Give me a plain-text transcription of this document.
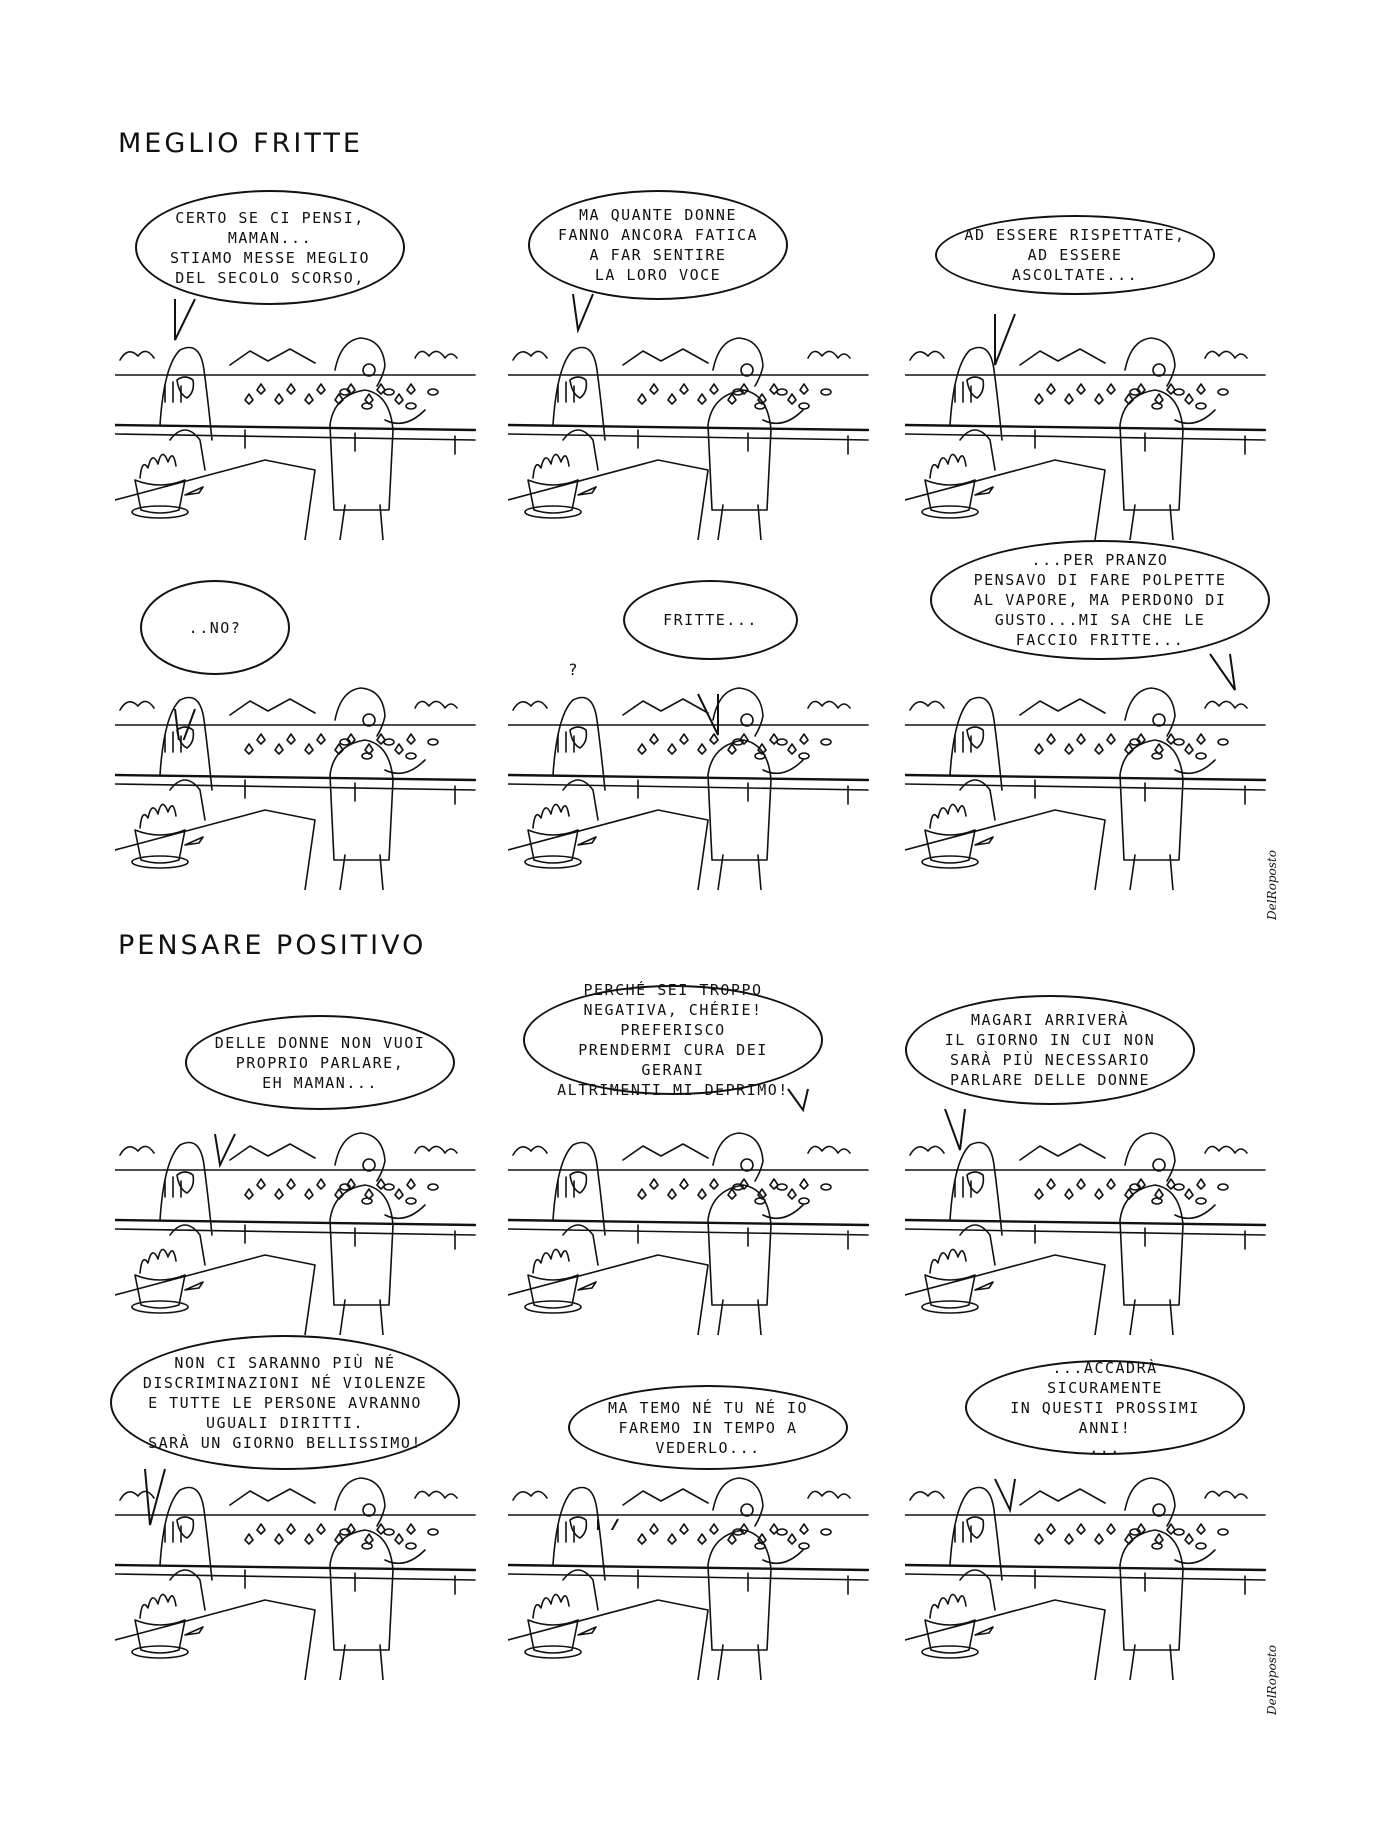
MEGLIO FRITTE
PENSARE POSITIVO
CERTO SE CI PENSI,
MAMAN...
STIAMO MESSE MEGLIO
DEL SECOLO SCORSO,
MA QUANTE DONNE
FANNO ANCORA FATICA
A FAR SENTIRE
LA LORO VOCE
AD ESSERE RISPETTATE,
AD ESSERE ASCOLTATE...
..NO?	FRITTE...
?
...PER PRANZO
PENSAVO DI FARE POLPETTE
AL VAPORE, MA PERDONO DI
GUSTO...MI SA CHE LE
FACCIO FRITTE...
DELLE DONNE NON VUOI
PROPRIO PARLARE,
EH MAMAN...
PERCHÉ SEI TROPPO
NEGATIVA, CHÉRIE! PREFERISCO
PRENDERMI CURA DEI GERANI
ALTRIMENTI MI DEPRIMO!
MAGARI ARRIVERÀ
IL GIORNO IN CUI NON
SARÀ PIÙ NECESSARIO
PARLARE DELLE DONNE
NON CI SARANNO PIÙ NÉ
DISCRIMINAZIONI NÉ VIOLENZE
E TUTTE LE PERSONE AVRANNO
UGUALI DIRITTI.
SARÀ UN GIORNO BELLISSIMO!
MA TEMO NÉ TU NÉ IO
FAREMO IN TEMPO A VEDERLO...
...ACCADRÀ SICURAMENTE
IN QUESTI PROSSIMI ANNI!
...
DelRoposto
DelRoposto
